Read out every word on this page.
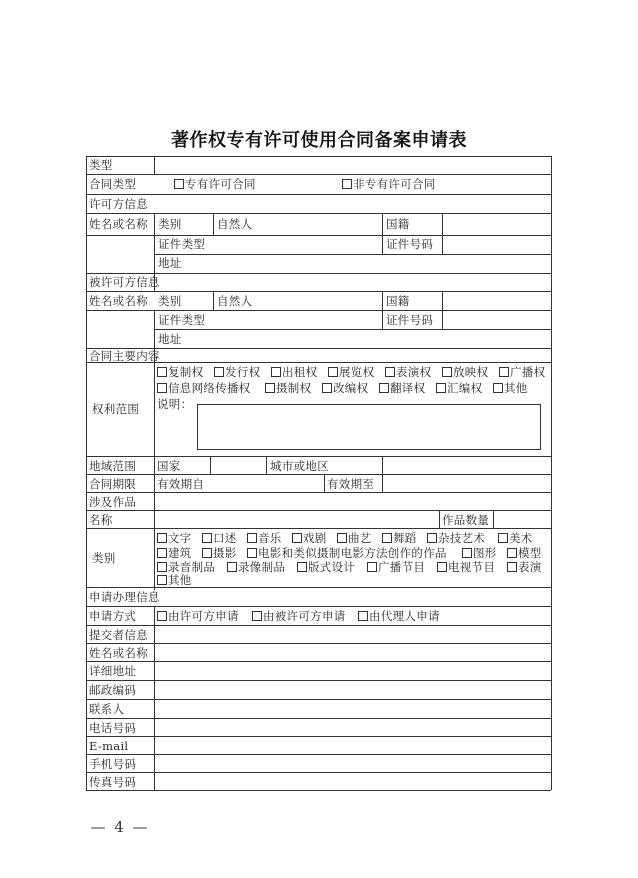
著作权专有许可使用合同备案申请表
类型
合同类型	专有许可合同	非专有许可合同
许可方信息
姓名或名称 类别	自然人	国籍
证件类型	证件号码
地址
被许可方信息
姓名或名称 类别	自然人	国籍
证件类型	证件号码
地址
合同主要内容
权利范围
复制权	发行权	出租权	展览权	表演权	放映权	广播权
信息网络传播权	摄制权	改编权	翻译权	汇编权	其他
说明：
地域范围 国家	城市或地区
合同期限 有效期自	有效期至
涉及作品
名称	作品数量
类别
文字	口述	音乐	戏剧	曲艺	舞蹈	杂技艺术	美术
建筑	摄影	电影和类似摄制电影方法创作的作品	图形	模型
录音制品	录像制品	版式设计	广播节目	电视节目	表演
其他
申请办理信息
申请方式	由许可方申请	由被许可方申请	由代理人申请
提交者信息
姓名或名称
详细地址
邮政编码
联系人
电话号码
E-mail
手机号码
传真号码
— 4 —
